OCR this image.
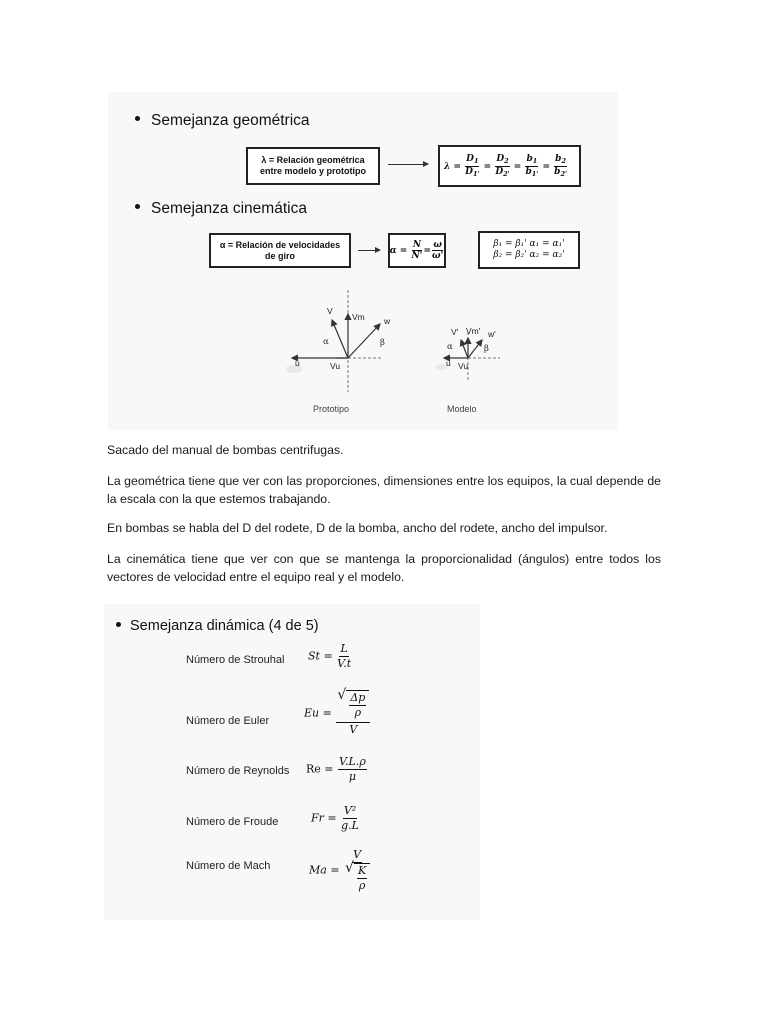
Semejanza geométrica
λ = Relación geométrica
entre modelo y prototipo	$\lambda = \frac{D_1}{D_{1'}} = \frac{D_2}{D_{2'}} = \frac{b_1}{b_{1'}} = \frac{b_2}{b_{2'}}$
Semejanza cinemática
α = Relación de velocidades
de giro	$\alpha = \frac{N}{N'} = \frac{\omega}{\omega'}$	β₁ = β₁' α₁ = α₁'
β₂ = β₂' α₂ = α₂'
V
Vm w
α	β
u	Vu
Prototipo
V' Vm' w'
α	β
u Vu
Modelo

Sacado del manual de bombas centrifugas.

La geométrica tiene que ver con las proporciones, dimensiones entre los equipos, la cual depende de la escala con la que estemos trabajando.

En bombas se habla del D del rodete, D de la bomba, ancho del rodete, ancho del impulsor.

La cinemática tiene que ver con que se mantenga la proporcionalidad (ángulos) entre todos los vectores de velocidad entre el equipo real y el modelo.

Semejanza dinámica (4 de 5)
Número de Strouhal $St = \frac{L}{V.t}$
Número de Euler
Eu =
√ $\frac{\frac{\Delta p}{\rho}}{V}$
Número de Reynolds $Re = \frac{V.L.\rho}{\mu}$
Número de Froude	$Fr = \frac{\text{V²}}{g.L}$
Número de Mach	Ma = V
√ $\frac{K}{\rho}$
